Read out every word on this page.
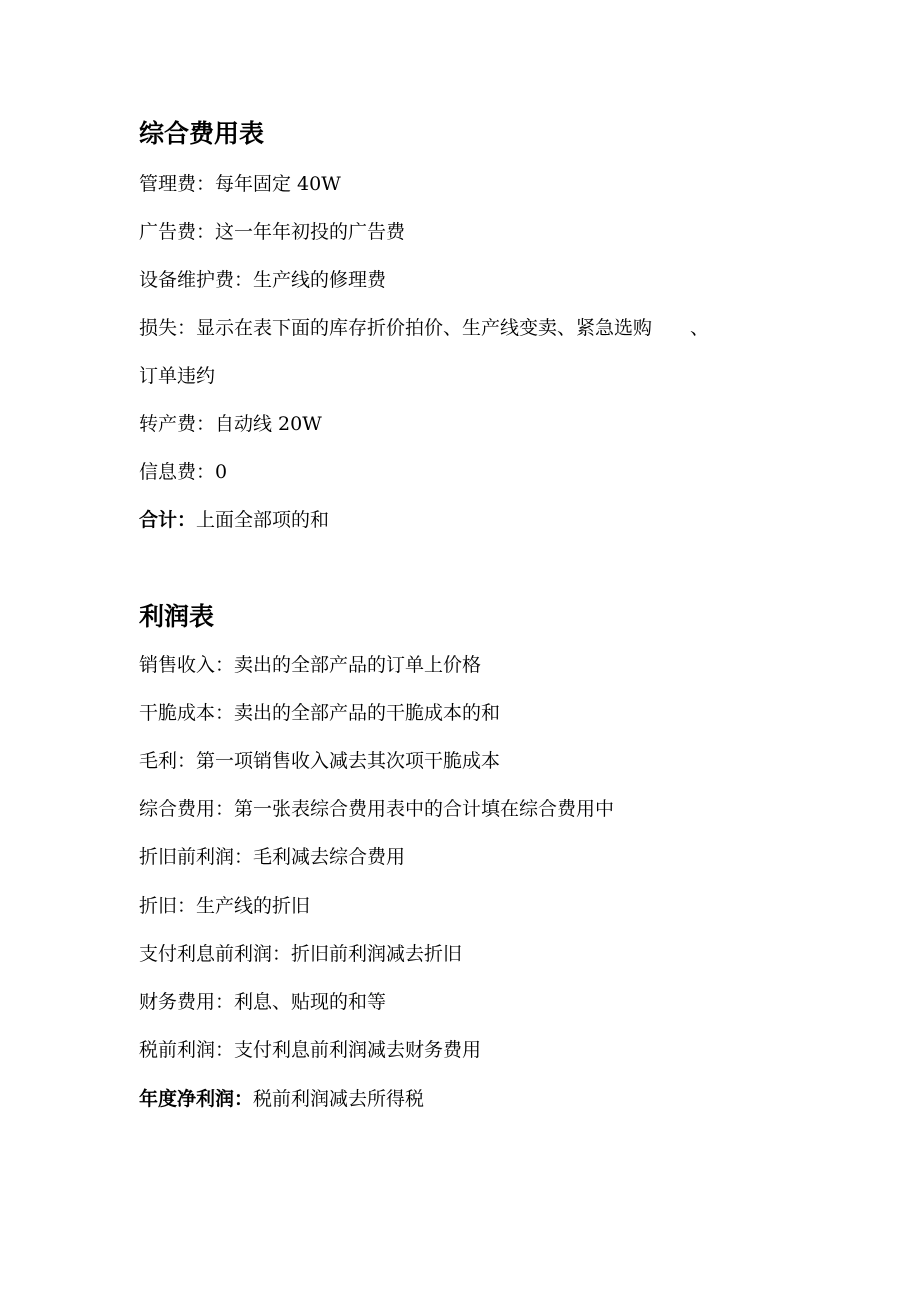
综合费用表
管理费：每年固定 40W
广告费：这一年年初投的广告费
设备维护费：生产线的修理费
损失：显示在表下面的库存折价拍价、生产线变卖、紧急选购 、
订单违约
转产费：自动线 20W
信息费：0
合计：上面全部项的和
利润表
销售收入：卖出的全部产品的订单上价格
干脆成本：卖出的全部产品的干脆成本的和
毛利：第一项销售收入减去其次项干脆成本
综合费用：第一张表综合费用表中的合计填在综合费用中
折旧前利润：毛利减去综合费用
折旧：生产线的折旧
支付利息前利润：折旧前利润减去折旧
财务费用：利息、贴现的和等
税前利润：支付利息前利润减去财务费用
年度净利润：税前利润减去所得税
